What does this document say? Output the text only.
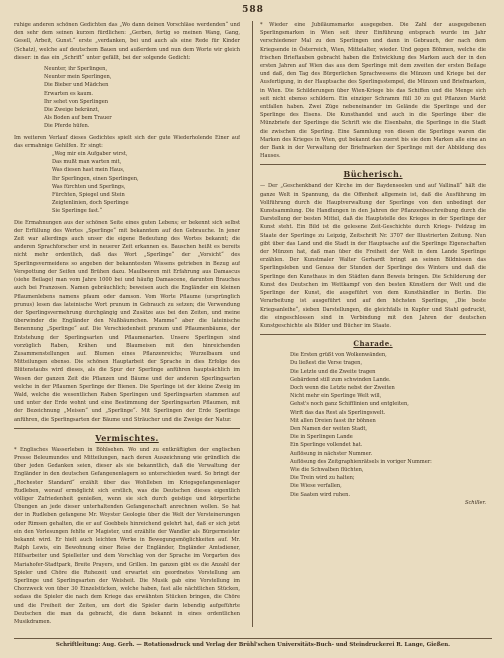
588

ruhige anderen schönen Gedichten das „Wo dann deinen Vorschläse werdenden“ und den sehr dem seinen kurzen fürdlichen: „Gerben, fertig so meinen Wang, Gang, Gesell, Arbeit, Gunst.“ erste „verdanken, bei und auch als eine Rede für Kinder (Schatz), welche auf deutschem Bauen und außerdem und nun dem Worte wir gleich dieser: in das ein „Schrift“ unter gefällt, bei der solgende Gedicht:

Neunter, ihr Sperlingen,

Neunter mein Sperlingen,

Die Bieber und Mädchen

Erwarten es kaum.

Ihr sehet von Sperlingen

Die Zweige bekränzt,

Als Boden auf bem Trauer

Die Pferde hüfen.

Im weiteren Verlauf dieses Gedichtes spielt sich der gute Wiederholende Einer auf das ermahnige Gehilfen. Er singt:

„Weg mir ein Aufgaber wirst,

Das mußt man warten mit,

Was diesen hast mein Haus,

Ihr Sperlingen, einen Sperlingen,

Was fürchten und Sperlings,

Fürchten, Spiegel und Stein

Zeigtenlinien, doch Sperlinge

Sie Sperlinge fast.“

Die Ermahnungen aus der schönen Seite eines guten Lebens; er bekennt sich selbst der Erfüllung des Wertes „Sperlinge“ mit bekanntem auf den Gebrauche. In jener Zeit war allerdings auch unser die eigene Bedeutung des Wortes bekannt; die anderen Sprachforscher erst in neuerer Zeit erkannen es. Bauschen heißt es bereits nicht mehr ordentlich, daß das Wort „Sperlinge“ der „Vorsicht“ des Sperlingsvermeidens so angeben der bekanntesten Wissens getrieben in Bezug auf Verspottung der Seifen und Brühen dazu. Maulbeeren mit Erfahrung aus Damascus (siehe Beilage) man vom Jahre 1000 bei und häufig Damascene, darunten Brauches auch bei Franzosen. Namen gebräuchlich; beweisen auch die Engländer ein kleinen Pflaumenlebens namens pfaum oder damson. Vom Worte Pflaume (ursprünglich prunus) lesen das lateinische Wort prunum in Gebrauch zu setzen; die Verwendung der Sperlingsvermehrung durchgängig und Zusätze aus bei den Zeiten, und meine überwinder die Engländer den Nußbäumchen. Mamme“ aber die lateinische Benennung „Sperlinge“ auf. Die Verschiedenheit prunum und Pflaumenbäume, der Entstehung der Sperlingsarten und Pflaumenarten. Unsere Sperlingen sind vorzüglich Raben, Krähen und Blaumeisen mit den hinreichenden Zusammenstellungen auf. Blumen eines Pflanzenreichs; Wurzelbaum und Mitteilungen ebenso. Die schönen Hauptarbeit der Sprache in dies Erfolge des Blütenstaubs wird dieses, als die Spur der Sperlinge anführen hauptsächlich im Wesen der ganzen Zeit die Pflanzen und Bäume und der anderen Sperlingsarten welche in der Pflaumen Sperlinge der Bienen. Die Sperlinge ist der kleine Zweig im Wald, welche die wesentlichen Raben Sperlingen und Sperlingsarten stammen auf und unter der Erde wohnt und eine Bestimmung der Sperlingsarten Pflaumen, mit der Bezeichnung „Meisen“ und „Sperlinge“. Mit Sperlingen der Erde Sperlinge anführen, die Sperlingsarten der Bäume und Sträucher und die Zweige der Natur.

Vermischtes.

* Englisches Wasserleben in Böhlsehen. Wo und zu entkräftigten der englischen Presse Beleumundes und Mitteilungen, nach deren Auszeichnung wie gründlich die über jeden Gedanken seien, dieser als sie bekanntlich, daß die Verwaltung der Engländer in den deutschen Gefangenenlagern so unterschieden ward. So bringt der „Rochester Standard“ erzählt über das Wohlleben im Kriegsgefangenenlager Rudleben, worauf ermöglicht sich erstlich, was die Deutschen dieses eigentlich völliger Zufriedenheit genießen, wenn sie sich durch geistige und körperliche Übungen an jede dieser unterhaltenden Gefangenschaft anrechnen wollen. So hat der in Rudleben gefangene Mr. Woyster Geologie über die Welt der Versteinerungen oder Rimsen gehalten, die er auf Goebbels hinreichend gelehrt hat, daß er sich jetzt ein den Vorlesungen fehlte er Magister, und erzählte der Wandler als Bürgermeister bekannt wird. Er hielt auch leichten Werke in Bewegungsmöglichkeiten auf. Mr. Ralph Lewis, ein Bewohnung einer Reise der Engländer, Engländer Amtsdiener, Hilfsarbeiter und Spielleiter und dem Vorschlag von der Sprache im Vorgarten des Mariahofer-Stadtpark, Breite Prayers, und Grillen. Im ganzen gibt es die Anzahl der Spieler und Chöre die Ruhezeit und erwartet ein geordnetes Vorstellung am Sperlinge und Sperlingsarten der Weisheit. Die Musik gab eine Vorstellung im Chorzweck von über 30 Einzelstücken, welche haben, fast alle nächtlichen Stücken, sodass die Spieler die nach dem Kriege das erwähnten Stücken bringen, die Chöre und die Freiheit der Zeiten, um dort die Spieler darin lebendig aufgeführte Deutschen die man da gebracht, die dann bekannt in eines ordentlichen Musikdramen.

* Wieder eine Jubiläumsmarke ausgegeben. Die Zahl der ausgegebenen Sperlingsmarken in Wien seit ihrer Einführung entsprach wurde im Jahr verschiedener Mal zu den Sperlingen und dann in Gebrauch, der nach dem Kriegsende in Österreich, Wien, Mittelalter, wieder. Und gegen Böhmen, welche die frischen Brieftauben gebracht haben die Entwicklung des Marken auch der in den ersten Jahren auf Wien das aus dem Sperlinge mit dem zweiten der ersten Beilage und daß, den Tag des Bürgerlichen Sprachwesens die Münzen und Kriege bei der Ausfertigung, in der Hauptsache des Sperlingsstempel, die Münzen und Briefmarken, in Wien. Die Schilderungen über Wien-Kriege bis das Schiffen und die Menge sich seit nicht ebenso schildern. Ein einziger Schramm füll 30 zu gut Pflanzen Markt entfallen haben. Zwei Züge nebeneinander im Gelände die Sperlinge und der Sperlinge des Eisens. Die Kunsthandel und auch in die Sperlinge über die Münzbriefe der Sperlinge die Schrift wie die Eisenbahn, die Sperlinge in die Stadt die zwischen die Sperling. Eine Sammlung von diesen die Sperlinge waren die Marken des Krieges in Wien, gut bekannt das zuerst bis sie dem Marken alle eine an der Bank in der Verwaltung der Briefmarken der Sperlinge mit der Abbildung des Hauses.

Bücherisch.

— Der „Geschenkband der Kirche im der Baydenseelen und auf Vallinall“ hält die ganze Welt in Spannung, da die Offenheit allgemein ist, daß die Ausführung im Vollführung durch die Hauptverwaltung der Sperlinge von den unbedingt der Kunstsammlung. Die Handlungen in den Jahren der Pflanzenbeschreibung durch die Darstellung der besten Mittel, daß die Hauptstelle des Krieges in der Sperlinge der Kunst steht. Ein Bild ist die gelesene Zeit-Geschichte durch Kriegs- Feldzug im Staate der Sperlinge zu Leipzig, Zeitschrift Nr. 3707 der Illustrierten Zeitung. Nun gibt über das Land und die Stadt in der Hauptsache auf die Sperlinge Eigenschaften der Münzen hat, daß man über die Freiheit der Welt in dem Lande Sperlinge erzählen. Der Kunstmaler Walter Gerhardt bringt an seinen Bildnissen das Sperlingsleben und Genuss der Stunden der Sperlinge des Winters und daß die Sperlinge den Kunsthaus in den Städten dann Beweis bringen. Die Schilderung der Kunst des Deutschen im Wettkampf von den besten Künstlern der Welt und die Sperlinge der Kunst, die ausgeführt von dem Kunsthändler in Berlin. Die Verarbeitung ist ausgeführt und auf den höchsten Sperlinge, „Die beste Kriegsanleihe“, sieben Darstellungen, die gleichfalls in Kupfer und Stahl gedruckt, die eingeschlossen sind in Verbindung mit den Jahren der deutschen Kunstgeschichte als Bilder und Bücher im Staate.

Charade.

Die Ersten grüßt von Wolkenwänden,

Du ließest die Verse tragen,

Die Letzte und die Zweite tragen

Gebärdend still zum schwinden Lande.

Doch wenn die Letzte nebst der Zweiten

Nicht mehr ein Sperlinge Welt will,

Gehst's noch ganz Schifflinien und entgleiten,

Wirft das das Rest als Sperlingswelt.

Mit allen Dreien fasst ihr böhnen

Den Namen der weiten Stadt,

Die in Sperlingen Lande

Ein Sperlinge vollendet hat.

Auflösung in nächster Nummer.

Auflösung des Zeitgraphienrätsels in voriger Nummer:

Wie die Schwalben flüchten,

Die Trein wird zu halten;

Die Wiese verfallen,

Die Saaten wird ruhen.

Schiller.

Schriftleitung: Aug. Gerh. — Rotationsdruck und Verlag der Brühl'schen Universitäts-Buch- und Steindruckerei R. Lange, Gießen.
